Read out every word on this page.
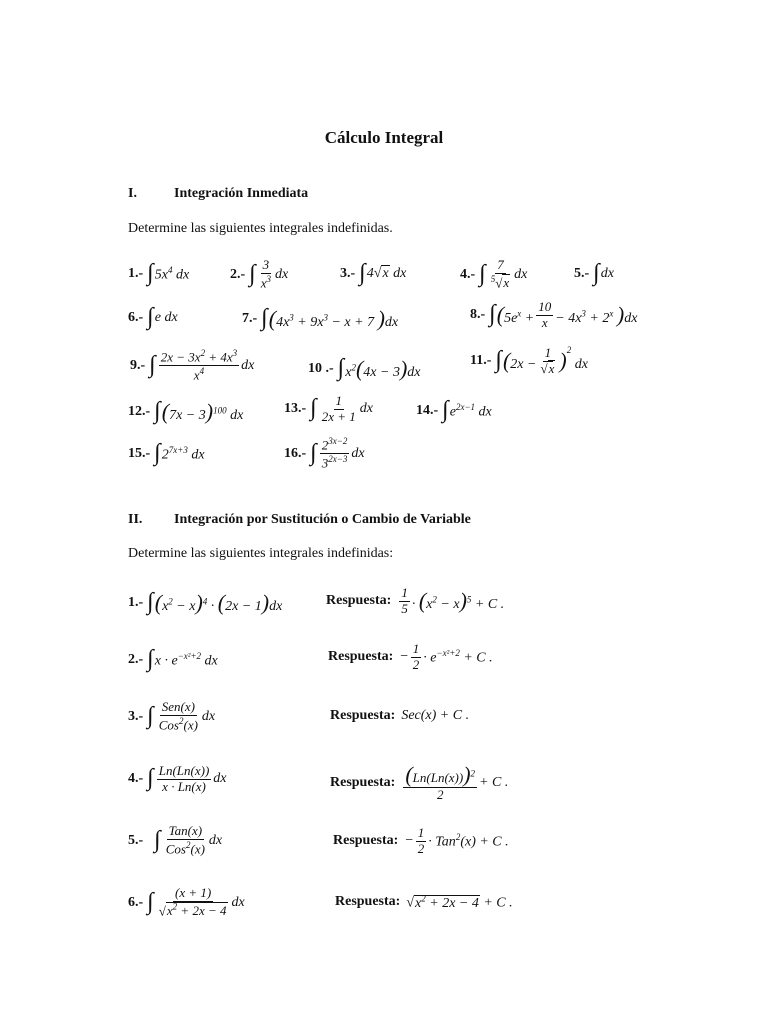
Cálculo Integral
I.	Integración Inmediata
Determine las siguientes integrales indefinidas.
1.- ∫ $5x^4$ dx	2.- ∫ $\frac{3}{x^3}$ dx	3.- ∫ 4√x dx	4.- ∫ $\frac{7}{^5√x}$ dx	5.- ∫ dx
6.- ∫ e dx	7.- ∫ ($4x^3 + 9x^3 - x + 7$ )dx
8.- ∫ ($5e^x + \frac{10}{x} - 4x^3 + 2^x$ )dx
9.- ∫ $\frac{2x - 3x^2 + 4x^3}{x^4}$ dx	10 .- ∫ $x^2(4x - 3)dx$
11.- ∫ $(2x - \frac{1}{√x} )^2$ dx
12.- ∫ $(7x - 3)^{100}$ dx	13.- ∫ $\frac{1}{2x + 1}$ dx	14.- ∫ $e^{2x-1}$ dx
15.- ∫ $2^{7x+3}$ dx	16.- ∫ $\frac{2^{3x-2}}{3^{2x-3}}$ dx
II. Integración por Sustitución o Cambio de Variable
Determine las siguientes integrales indefinidas:
1.- ∫ $(x^2 - x)^4 \cdot (2x - 1)dx$	Respuesta: $\frac{1}{5} \cdot (x^2 - x)^5 + C$ .
2.- ∫ $x \cdot e^{-x^2+2}$ dx	Respuesta: − $\frac{1}{2} \cdot e^{-x^2+2} + C$ .
3.- ∫ $\frac{\text{Sen(x)}}{Cos^2(x)}$ dx	Respuesta: Sec(x) + C .
4.- ∫ $\frac{Ln(Ln(x))}{x \cdot Ln(x)}$ dx	Respuesta: $\frac{(Ln(Ln(x)))^2}{2} + C$ .
5.- ∫ $\frac{\text{Tan(x)}}{Cos^2(x)}$ dx	Respuesta: − $\frac{1}{2} \cdot Tan^2(x) + C$ .
6.- ∫ $\frac{(x + 1)}{√x^2 + 2x - 4}$ dx	Respuesta: $√x^2 + 2x - 4 + C$ .
